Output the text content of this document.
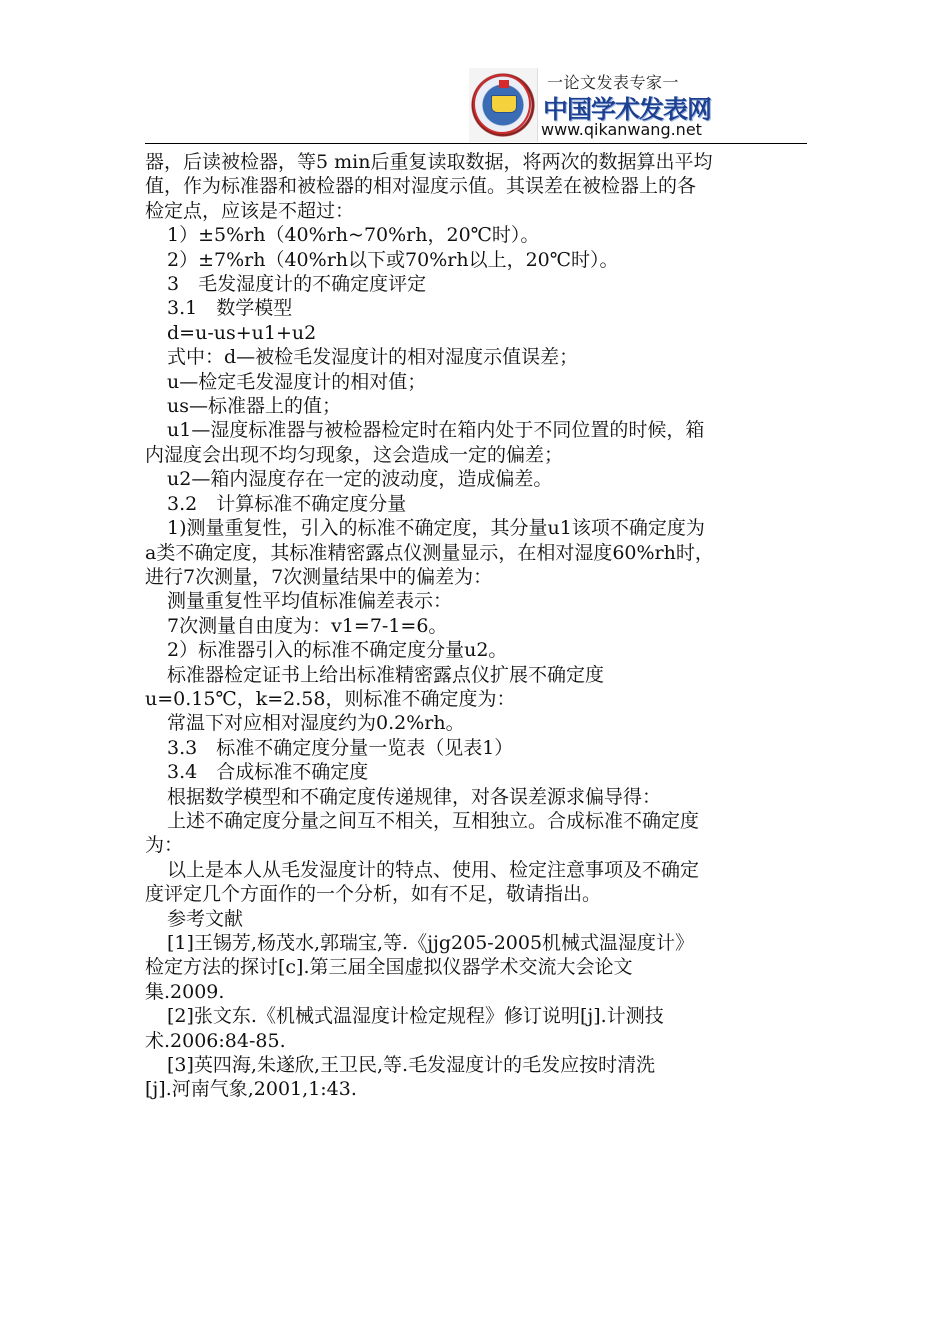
一论文发表专家一
中国学术发表网
www.qikanwang.net

器，后读被检器，等5 min后重复读取数据，将两次的数据算出平均

值，作为标准器和被检器的相对湿度示值。其误差在被检器上的各

检定点，应该是不超过：

1）±5%rh（40%rh~70%rh，20℃时）。

2）±7%rh（40%rh以下或70%rh以上，20℃时）。

3　毛发湿度计的不确定度评定

3.1　数学模型

d=u-us+u1+u2

式中：d—被检毛发湿度计的相对湿度示值误差；

u—检定毛发湿度计的相对值；

us—标准器上的值；

u1—湿度标准器与被检器检定时在箱内处于不同位置的时候，箱

内湿度会出现不均匀现象，这会造成一定的偏差；

u2—箱内湿度存在一定的波动度，造成偏差。

3.2　计算标准不确定度分量

1)测量重复性，引入的标准不确定度，其分量u1该项不确定度为

a类不确定度，其标准精密露点仪测量显示，在相对湿度60%rh时，

进行7次测量，7次测量结果中的偏差为：

测量重复性平均值标准偏差表示：

7次测量自由度为：v1=7-1=6。

2）标准器引入的标准不确定度分量u2。

标准器检定证书上给出标准精密露点仪扩展不确定度

u=0.15℃，k=2.58，则标准不确定度为：

常温下对应相对湿度约为0.2%rh。

3.3　标准不确定度分量一览表（见表1）

3.4　合成标准不确定度

根据数学模型和不确定度传递规律，对各误差源求偏导得：

上述不确定度分量之间互不相关，互相独立。合成标准不确定度

为：

以上是本人从毛发湿度计的特点、使用、检定注意事项及不确定

度评定几个方面作的一个分析，如有不足，敬请指出。

参考文献

[1]王锡芳,杨茂水,郭瑞宝,等.《jjg205-2005机械式温湿度计》

检定方法的探讨[c].第三届全国虚拟仪器学术交流大会论文

集.2009.

[2]张文东.《机械式温湿度计检定规程》修订说明[j].计测技

术.2006:84-85.

[3]英四海,朱遂欣,王卫民,等.毛发湿度计的毛发应按时清洗

[j].河南气象,2001,1:43.
